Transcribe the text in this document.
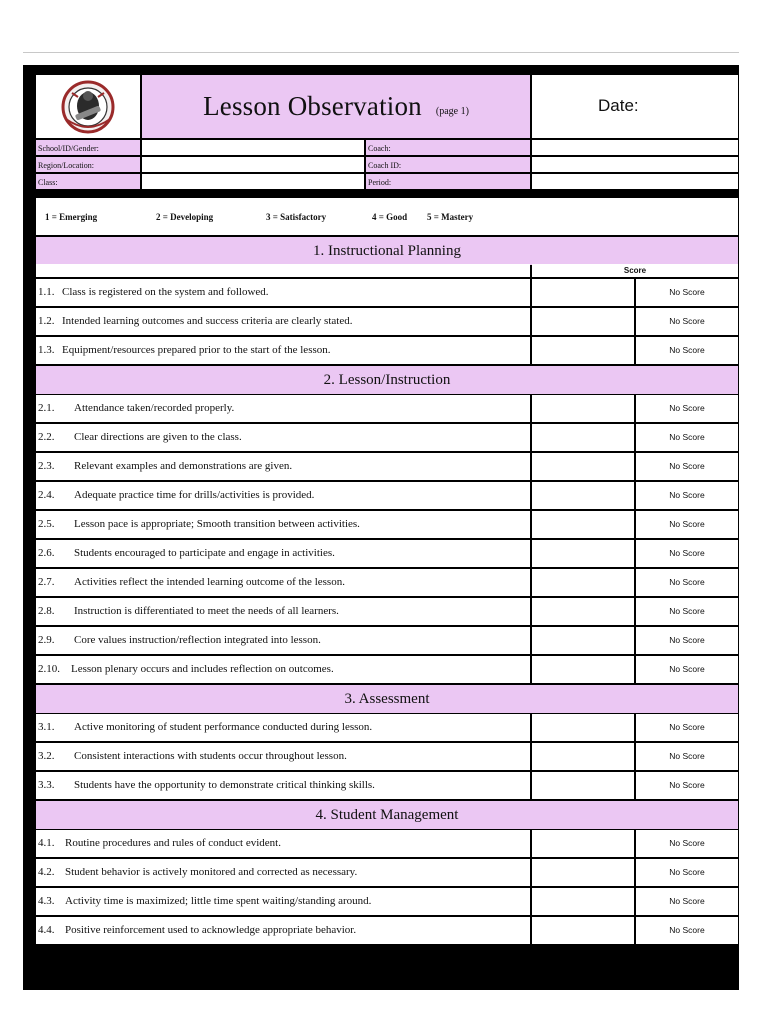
Lesson Observation (page 1)	Date:
School/ID/Gender:	Coach:
Region/Location:	Coach ID:
Class:	Period:
1 = Emerging	2 = Developing	3 = Satisfactory	4 = Good 5 = Mastery
1. Instructional Planning
Score
1.1. Class is registered on the system and followed.	No Score
1.2. Intended learning outcomes and success criteria are clearly stated.	No Score
1.3. Equipment/resources prepared prior to the start of the lesson.	No Score
2. Lesson/Instruction
2.1. Attendance taken/recorded properly.	No Score
2.2. Clear directions are given to the class.	No Score
2.3. Relevant examples and demonstrations are given.	No Score
2.4. Adequate practice time for drills/activities is provided.	No Score
2.5. Lesson pace is appropriate; Smooth transition between activities.	No Score
2.6. Students encouraged to participate and engage in activities.	No Score
2.7. Activities reflect the intended learning outcome of the lesson.	No Score
2.8. Instruction is differentiated to meet the needs of all learners.	No Score
2.9. Core values instruction/reflection integrated into lesson.	No Score
2.10. Lesson plenary occurs and includes reflection on outcomes.	No Score
3. Assessment
3.1. Active monitoring of student performance conducted during lesson.	No Score
3.2. Consistent interactions with students occur throughout lesson.	No Score
3.3. Students have the opportunity to demonstrate critical thinking skills.	No Score
4. Student Management
4.1. Routine procedures and rules of conduct evident.	No Score
4.2. Student behavior is actively monitored and corrected as necessary.	No Score
4.3. Activity time is maximized; little time spent waiting/standing around.	No Score
4.4. Positive reinforcement used to acknowledge appropriate behavior.	No Score
